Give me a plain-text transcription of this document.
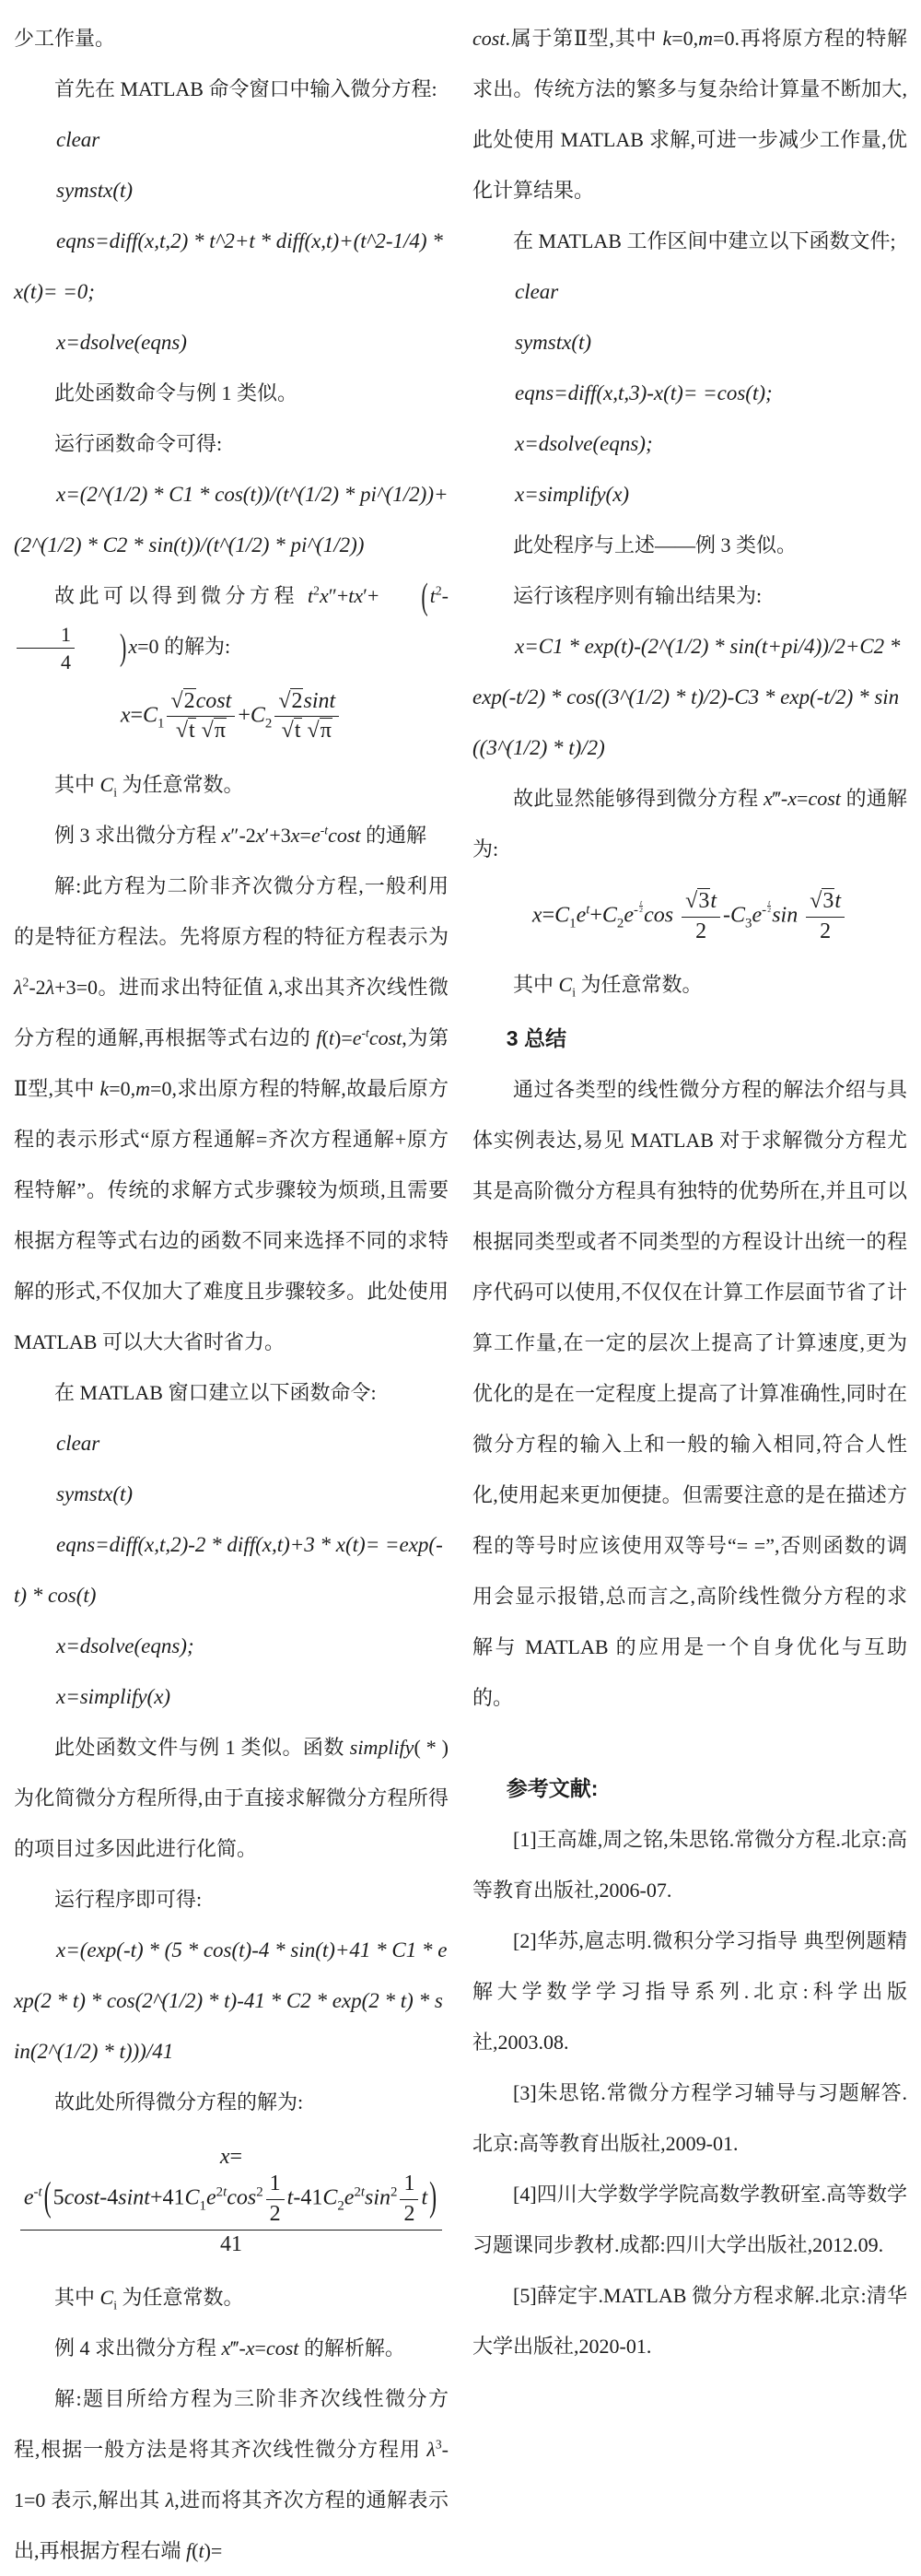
少工作量。

首先在 MATLAB 命令窗口中输入微分方程:

clear

symstx(t)

eqns=diff(x,t,2) * t^2+t * diff(x,t)+(t^2-1/4) * x(t)= =0;

x=dsolve(eqns)

此处函数命令与例 1 类似。

运行函数命令可得:

x=(2^(1/2) * C1 * cos(t))/(t^(1/2) * pi^(1/2))+(2^(1/2) * C2 * sin(t))/(t^(1/2) * pi^(1/2))

故此可以得到微分方程 $t^2x''+tx'+ (t^2-$
$\frac{1}{4} )x=0$ 的解为:

$x=C_1 \frac{√2\cos t}{√t √\pi} +C_2 \frac{√2\sin t}{√t √\pi}$

其中 $C_i$ 为任意常数。

例 3 求出微分方程 $x''-2x'+3x=e^{-t}\cos t$ 的通解

解:此方程为二阶非齐次微分方程,一般利用的是特征方程法。先将原方程的特征方程表示为 $\lambda^2-2\lambda+3=0$。进而求出特征值 λ,求出其齐次线性微分方程的通解,再根据等式右边的 $f(t)=e^{-t}\cos t$,为第Ⅱ型,其中 k=0,m=0,求出原方程的特解,故最后原方程的表示形式“原方程通解=齐次方程通解+原方程特解”。传统的求解方式步骤较为烦琐,且需要根据方程等式右边的函数不同来选择不同的求特解的形式,不仅加大了难度且步骤较多。此处使用 MATLAB 可以大大省时省力。

在 MATLAB 窗口建立以下函数命令:

clear

symstx(t)

eqns=diff(x,t,2)-2 * diff(x,t)+3 * x(t)= =exp(-t) * cos(t)

x=dsolve(eqns);

x=simplify(x)

此处函数文件与例 1 类似。函数 simplify( * )为化简微分方程所得,由于直接求解微分方程所得的项目过多因此进行化简。

运行程序即可得:

x=(exp(-t) * (5 * cos(t)-4 * sin(t)+41 * C1 * exp(2 * t) * cos(2^(1/2) * t)-41 * C2 * exp(2 * t) * sin(2^(1/2) * t)))/41

故此处所得微分方程的解为:

x=
$\frac{e^{-t}(5\cos t-4\sin t+41C_1e^{2t}\cos^2 \frac{1}{2} t-41C_2e^{2t}\sin^2 \frac{1}{2} t)}{41}$

其中 $C_i$ 为任意常数。

例 4 求出微分方程 x‴-x=cost 的解析解。

解:题目所给方程为三阶非齐次线性微分方程,根据一般方法是将其齐次线性微分方程用 $\lambda^3-1=0$ 表示,解出其 λ,进而将其齐次方程的通解表示出,再根据方程右端 f(t)=

cost.属于第Ⅱ型,其中 k=0,m=0.再将原方程的特解求出。传统方法的繁多与复杂给计算量不断加大,此处使用 MATLAB 求解,可进一步减少工作量,优化计算结果。

在 MATLAB 工作区间中建立以下函数文件;

clear

symstx(t)

eqns=diff(x,t,3)-x(t)= =cos(t);

x=dsolve(eqns);

x=simplify(x)

此处程序与上述——例 3 类似。

运行该程序则有输出结果为:

x=C1 * exp(t)-(2^(1/2) * sin(t+pi/4))/2+C2 * exp(-t/2) * cos((3^(1/2) * t)/2)-C3 * exp(-t/2) * sin((3^(1/2) * t)/2)

故此显然能够得到微分方程 x‴-x=cost 的通解为:

$x=C_1e^t+C_2e^{- \frac{t}{2}}$ $\cos \frac{√3t}{2} -C_3e^{- \frac{t}{2}}$ $\sin \frac{√3t}{2}$

其中 $C_i$ 为任意常数。

3 总结

通过各类型的线性微分方程的解法介绍与具体实例表达,易见 MATLAB 对于求解微分方程尤其是高阶微分方程具有独特的优势所在,并且可以根据同类型或者不同类型的方程设计出统一的程序代码可以使用,不仅仅在计算工作层面节省了计算工作量,在一定的层次上提高了计算速度,更为优化的是在一定程度上提高了计算准确性,同时在微分方程的输入上和一般的输入相同,符合人性化,使用起来更加便捷。但需要注意的是在描述方程的等号时应该使用双等号“= =”,否则函数的调用会显示报错,总而言之,高阶线性微分方程的求解与 MATLAB 的应用是一个自身优化与互助的。

参考文献:

[1]王高雄,周之铭,朱思铭.常微分方程.北京:高等教育出版社,2006-07.

[2]华苏,扈志明.微积分学习指导 典型例题精解大学数学学习指导系列.北京:科学出版社,2003.08.

[3]朱思铭.常微分方程学习辅导与习题解答.北京:高等教育出版社,2009-01.

[4]四川大学数学学院高数学教研室.高等数学习题课同步教材.成都:四川大学出版社,2012.09.

[5]薛定宇.MATLAB 微分方程求解.北京:清华大学出版社,2020-01.
